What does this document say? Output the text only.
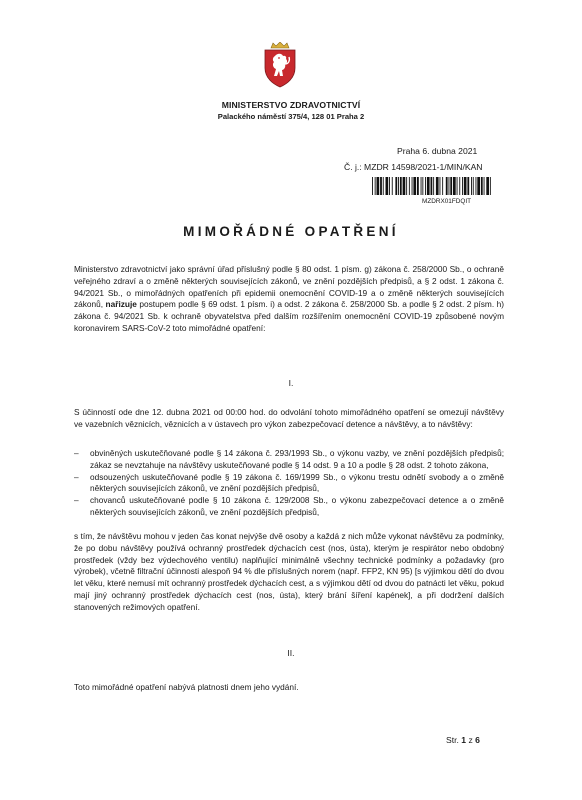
MINISTERSTVO ZDRAVOTNICTVÍ
Palackého náměstí 375/4, 128 01 Praha 2
Praha 6. dubna 2021
Č. j.: MZDR 14598/2021-1/MIN/KAN
MZDRX01FDQIT
MIMOŘÁDNÉ OPATŘENÍ
Ministerstvo zdravotnictví jako správní úřad příslušný podle § 80 odst. 1 písm. g) zákona č. 258/2000 Sb., o ochraně veřejného zdraví a o změně některých souvisejících zákonů, ve znění pozdějších předpisů, a § 2 odst. 1 zákona č. 94/2021 Sb., o mimořádných opatřeních při epidemii onemocnění COVID-19 a o změně některých souvisejících zákonů, nařizuje postupem podle § 69 odst. 1 písm. i) a odst. 2 zákona č. 258/2000 Sb. a podle § 2 odst. 2 písm. h) zákona č. 94/2021 Sb. k ochraně obyvatelstva před dalším rozšířením onemocnění COVID-19 způsobené novým koronavirem SARS-CoV-2 toto mimořádné opatření:
I.
S účinností ode dne 12. dubna 2021 od 00:00 hod. do odvolání tohoto mimořádného opatření se omezují návštěvy ve vazebních věznicích, věznicích a v ústavech pro výkon zabezpečovací detence a návštěvy, a to návštěvy:
– obviněných uskutečňované podle § 14 zákona č. 293/1993 Sb., o výkonu vazby, ve znění pozdějších předpisů; zákaz se nevztahuje na návštěvy uskutečňované podle § 14 odst. 9 a 10 a podle § 28 odst. 2 tohoto zákona,
– odsouzených uskutečňované podle § 19 zákona č. 169/1999 Sb., o výkonu trestu odnětí svobody a o změně některých souvisejících zákonů, ve znění pozdějších předpisů,
– chovanců uskutečňované podle § 10 zákona č. 129/2008 Sb., o výkonu zabezpečovací detence a o změně některých souvisejících zákonů, ve znění pozdějších předpisů,
s tím, že návštěvu mohou v jeden čas konat nejvýše dvě osoby a každá z nich může vykonat návštěvu za podmínky, že po dobu návštěvy používá ochranný prostředek dýchacích cest (nos, ústa), kterým je respirátor nebo obdobný prostředek (vždy bez výdechového ventilu) naplňující minimálně všechny technické podmínky a požadavky (pro výrobek), včetně filtrační účinnosti alespoň 94 % dle příslušných norem (např. FFP2, KN 95) [s výjimkou dětí do dvou let věku, které nemusí mít ochranný prostředek dýchacích cest, a s výjimkou dětí od dvou do patnácti let věku, pokud mají jiný ochranný prostředek dýchacích cest (nos, ústa), který brání šíření kapének], a při dodržení dalších stanovených režimových opatření.
II.
Toto mimořádné opatření nabývá platnosti dnem jeho vydání.
Str. 1 z 6
